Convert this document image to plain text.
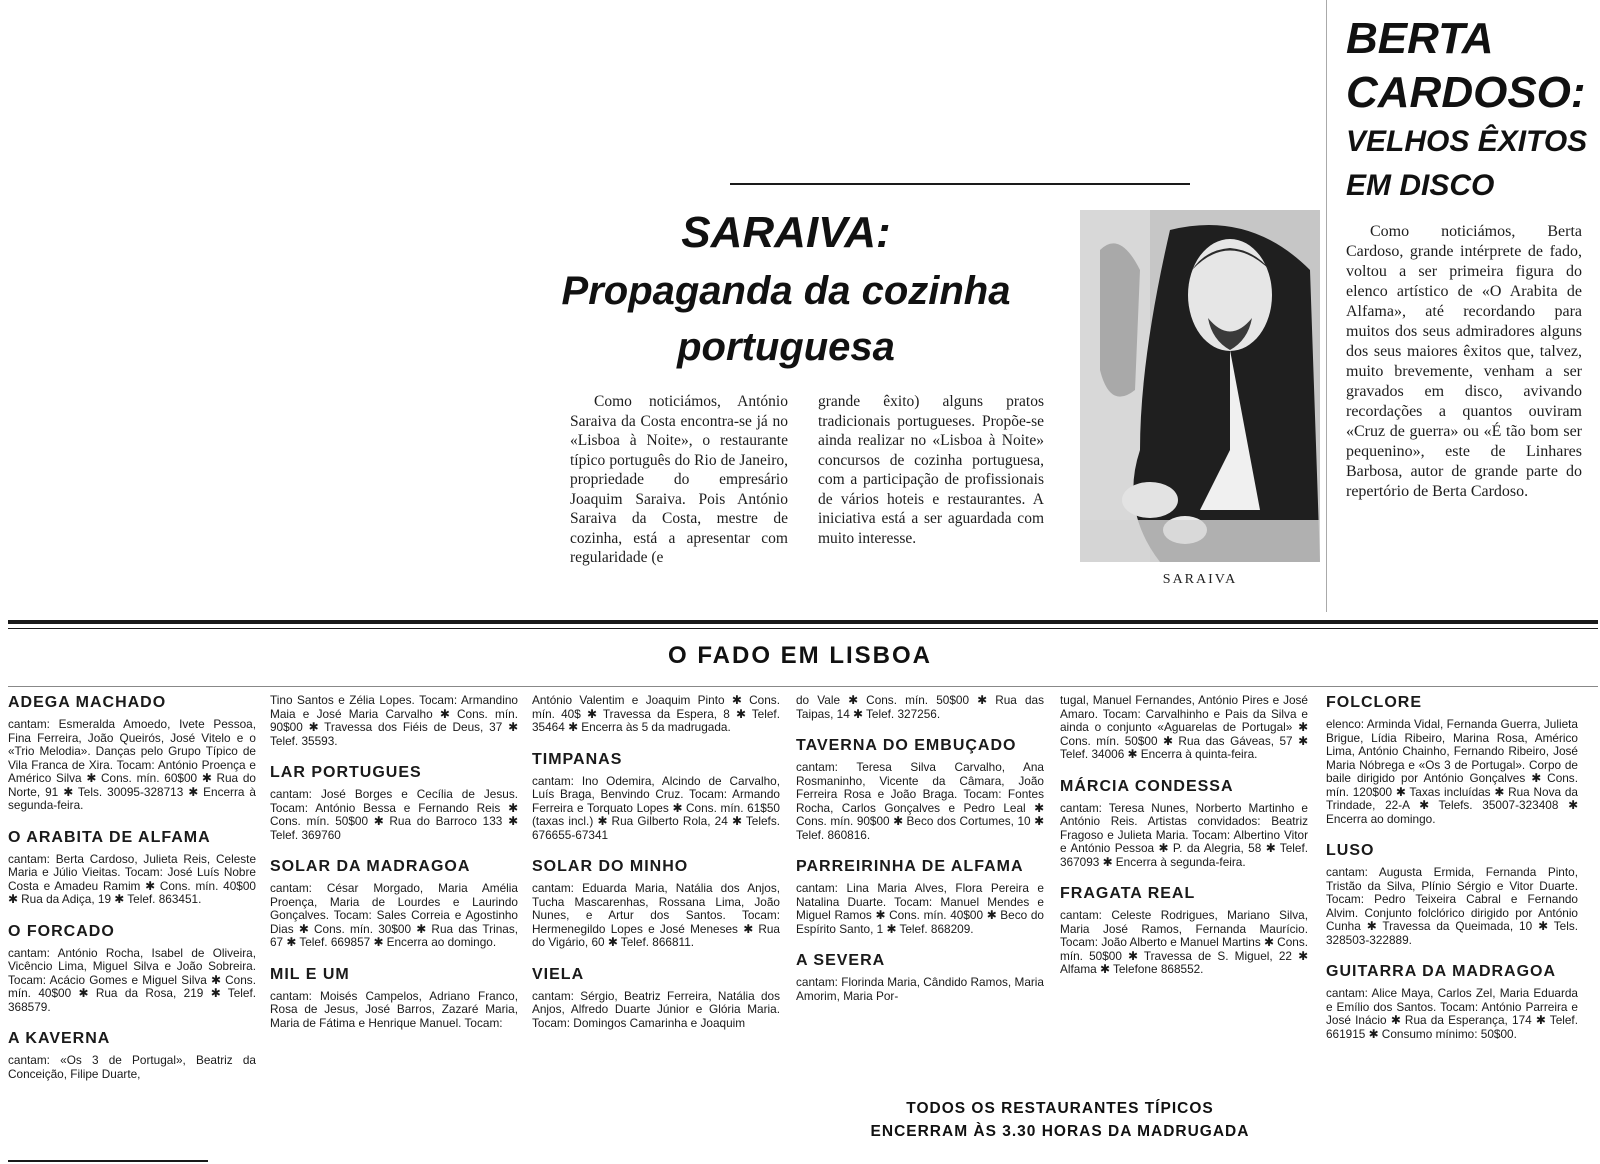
SARAIVA:
Propaganda da cozinha
portuguesa

Como noticiámos, António Saraiva da Costa encontra-se já no «Lisboa à Noite», o restaurante típico português do Rio de Janeiro, propriedade do empresário Joaquim Saraiva. Pois António Saraiva da Costa, mestre de cozinha, está a apresentar com regularidade (e

grande êxito) alguns pratos tradicionais portugueses. Propõe-se ainda realizar no «Lisboa à Noite» concursos de cozinha portuguesa, com a participação de profissionais de vários hoteis e restaurantes. A iniciativa está a ser aguardada com muito interesse.

SARAIVA
BERTA
CARDOSO:
VELHOS ÊXITOS
EM DISCO

Como noticiámos, Berta Cardoso, grande intérprete de fado, voltou a ser primeira figura do elenco artístico de «O Arabita de Alfama», até recordando para muitos dos seus admiradores alguns dos seus maiores êxitos que, talvez, muito brevemente, venham a ser gravados em disco, avivando recordações a quantos ouviram «Cruz de guerra» ou «É tão bom ser pequenino», este de Linhares Barbosa, autor de grande parte do repertório de Berta Cardoso.

O FADO EM LISBOA
ADEGA MACHADO

cantam: Esmeralda Amoedo, Ivete Pessoa, Fina Ferreira, João Queirós, José Vitelo e o «Trio Melodia». Danças pelo Grupo Típico de Vila Franca de Xira. Tocam: António Proença e Américo Silva ✱ Cons. mín. 60$00 ✱ Rua do Norte, 91 ✱ Tels. 30095-328713 ✱ Encerra à segunda-feira.

O ARABITA DE ALFAMA

cantam: Berta Cardoso, Julieta Reis, Celeste Maria e Júlio Vieitas. Tocam: José Luís Nobre Costa e Amadeu Ramim ✱ Cons. mín. 40$00 ✱ Rua da Adiça, 19 ✱ Telef. 863451.

O FORCADO

cantam: António Rocha, Isabel de Oliveira, Vicêncio Lima, Miguel Silva e João Sobreira. Tocam: Acácio Gomes e Miguel Silva ✱ Cons. mín. 40$00 ✱ Rua da Rosa, 219 ✱ Telef. 368579.

A KAVERNA

cantam: «Os 3 de Portugal», Beatriz da Conceição, Filipe Duarte,

Tino Santos e Zélia Lopes. Tocam: Armandino Maia e José Maria Carvalho ✱ Cons. mín. 90$00 ✱ Travessa dos Fiéis de Deus, 37 ✱ Telef. 35593.

LAR PORTUGUES

cantam: José Borges e Cecília de Jesus. Tocam: António Bessa e Fernando Reis ✱ Cons. mín. 50$00 ✱ Rua do Barroco 133 ✱ Telef. 369760

SOLAR DA MADRAGOA

cantam: César Morgado, Maria Amélia Proença, Maria de Lourdes e Laurindo Gonçalves. Tocam: Sales Correia e Agostinho Dias ✱ Cons. mín. 30$00 ✱ Rua das Trinas, 67 ✱ Telef. 669857 ✱ Encerra ao domingo.

MIL E UM

cantam: Moisés Campelos, Adriano Franco, Rosa de Jesus, José Barros, Zazaré Maria, Maria de Fátima e Henrique Manuel. Tocam:

António Valentim e Joaquim Pinto ✱ Cons. mín. 40$ ✱ Travessa da Espera, 8 ✱ Telef. 35464 ✱ Encerra às 5 da madrugada.

TIMPANAS

cantam: Ino Odemira, Alcindo de Carvalho, Luís Braga, Benvindo Cruz. Tocam: Armando Ferreira e Torquato Lopes ✱ Cons. mín. 61$50 (taxas incl.) ✱ Rua Gilberto Rola, 24 ✱ Telefs. 676655-67341

SOLAR DO MINHO

cantam: Eduarda Maria, Natália dos Anjos, Tucha Mascarenhas, Rossana Lima, João Nunes, e Artur dos Santos. Tocam: Hermenegildo Lopes e José Meneses ✱ Rua do Vigário, 60 ✱ Telef. 866811.

VIELA

cantam: Sérgio, Beatriz Ferreira, Natália dos Anjos, Alfredo Duarte Júnior e Glória Maria. Tocam: Domingos Camarinha e Joaquim

do Vale ✱ Cons. mín. 50$00 ✱ Rua das Taipas, 14 ✱ Telef. 327256.

TAVERNA DO EMBUÇADO

cantam: Teresa Silva Carvalho, Ana Rosmaninho, Vicente da Câmara, João Ferreira Rosa e João Braga. Tocam: Fontes Rocha, Carlos Gonçalves e Pedro Leal ✱ Cons. mín. 90$00 ✱ Beco dos Cortumes, 10 ✱ Telef. 860816.

PARREIRINHA DE ALFAMA

cantam: Lina Maria Alves, Flora Pereira e Natalina Duarte. Tocam: Manuel Mendes e Miguel Ramos ✱ Cons. mín. 40$00 ✱ Beco do Espírito Santo, 1 ✱ Telef. 868209.

A SEVERA

cantam: Florinda Maria, Cândido Ramos, Maria Amorim, Maria Por-

tugal, Manuel Fernandes, António Pires e José Amaro. Tocam: Carvalhinho e Pais da Silva e ainda o conjunto «Aguarelas de Portugal» ✱ Cons. mín. 50$00 ✱ Rua das Gáveas, 57 ✱ Telef. 34006 ✱ Encerra à quinta-feira.

MÁRCIA CONDESSA

cantam: Teresa Nunes, Norberto Martinho e António Reis. Artistas convidados: Beatriz Fragoso e Julieta Maria. Tocam: Albertino Vitor e António Pessoa ✱ P. da Alegria, 58 ✱ Telef. 367093 ✱ Encerra à segunda-feira.

FRAGATA REAL

cantam: Celeste Rodrigues, Mariano Silva, Maria José Ramos, Fernanda Maurício. Tocam: João Alberto e Manuel Martins ✱ Cons. mín. 50$00 ✱ Travessa de S. Miguel, 22 ✱ Alfama ✱ Telefone 868552.

FOLCLORE

elenco: Arminda Vidal, Fernanda Guerra, Julieta Brigue, Lídia Ribeiro, Marina Rosa, Américo Lima, António Chainho, Fernando Ribeiro, José Maria Nóbrega e «Os 3 de Portugal». Corpo de baile dirigido por António Gonçalves ✱ Cons. mín. 120$00 ✱ Taxas incluídas ✱ Rua Nova da Trindade, 22-A ✱ Telefs. 35007-323408 ✱ Encerra ao domingo.

LUSO

cantam: Augusta Ermida, Fernanda Pinto, Tristão da Silva, Plínio Sérgio e Vitor Duarte. Tocam: Pedro Teixeira Cabral e Fernando Alvim. Conjunto folclórico dirigido por António Cunha ✱ Travessa da Queimada, 10 ✱ Tels. 328503-322889.

GUITARRA DA MADRAGOA

cantam: Alice Maya, Carlos Zel, Maria Eduarda e Emílio dos Santos. Tocam: António Parreira e José Inácio ✱ Rua da Esperança, 174 ✱ Telef. 661915 ✱ Consumo mínimo: 50$00.

TODOS OS RESTAURANTES TÍPICOS
ENCERRAM ÀS 3.30 HORAS DA MADRUGADA
